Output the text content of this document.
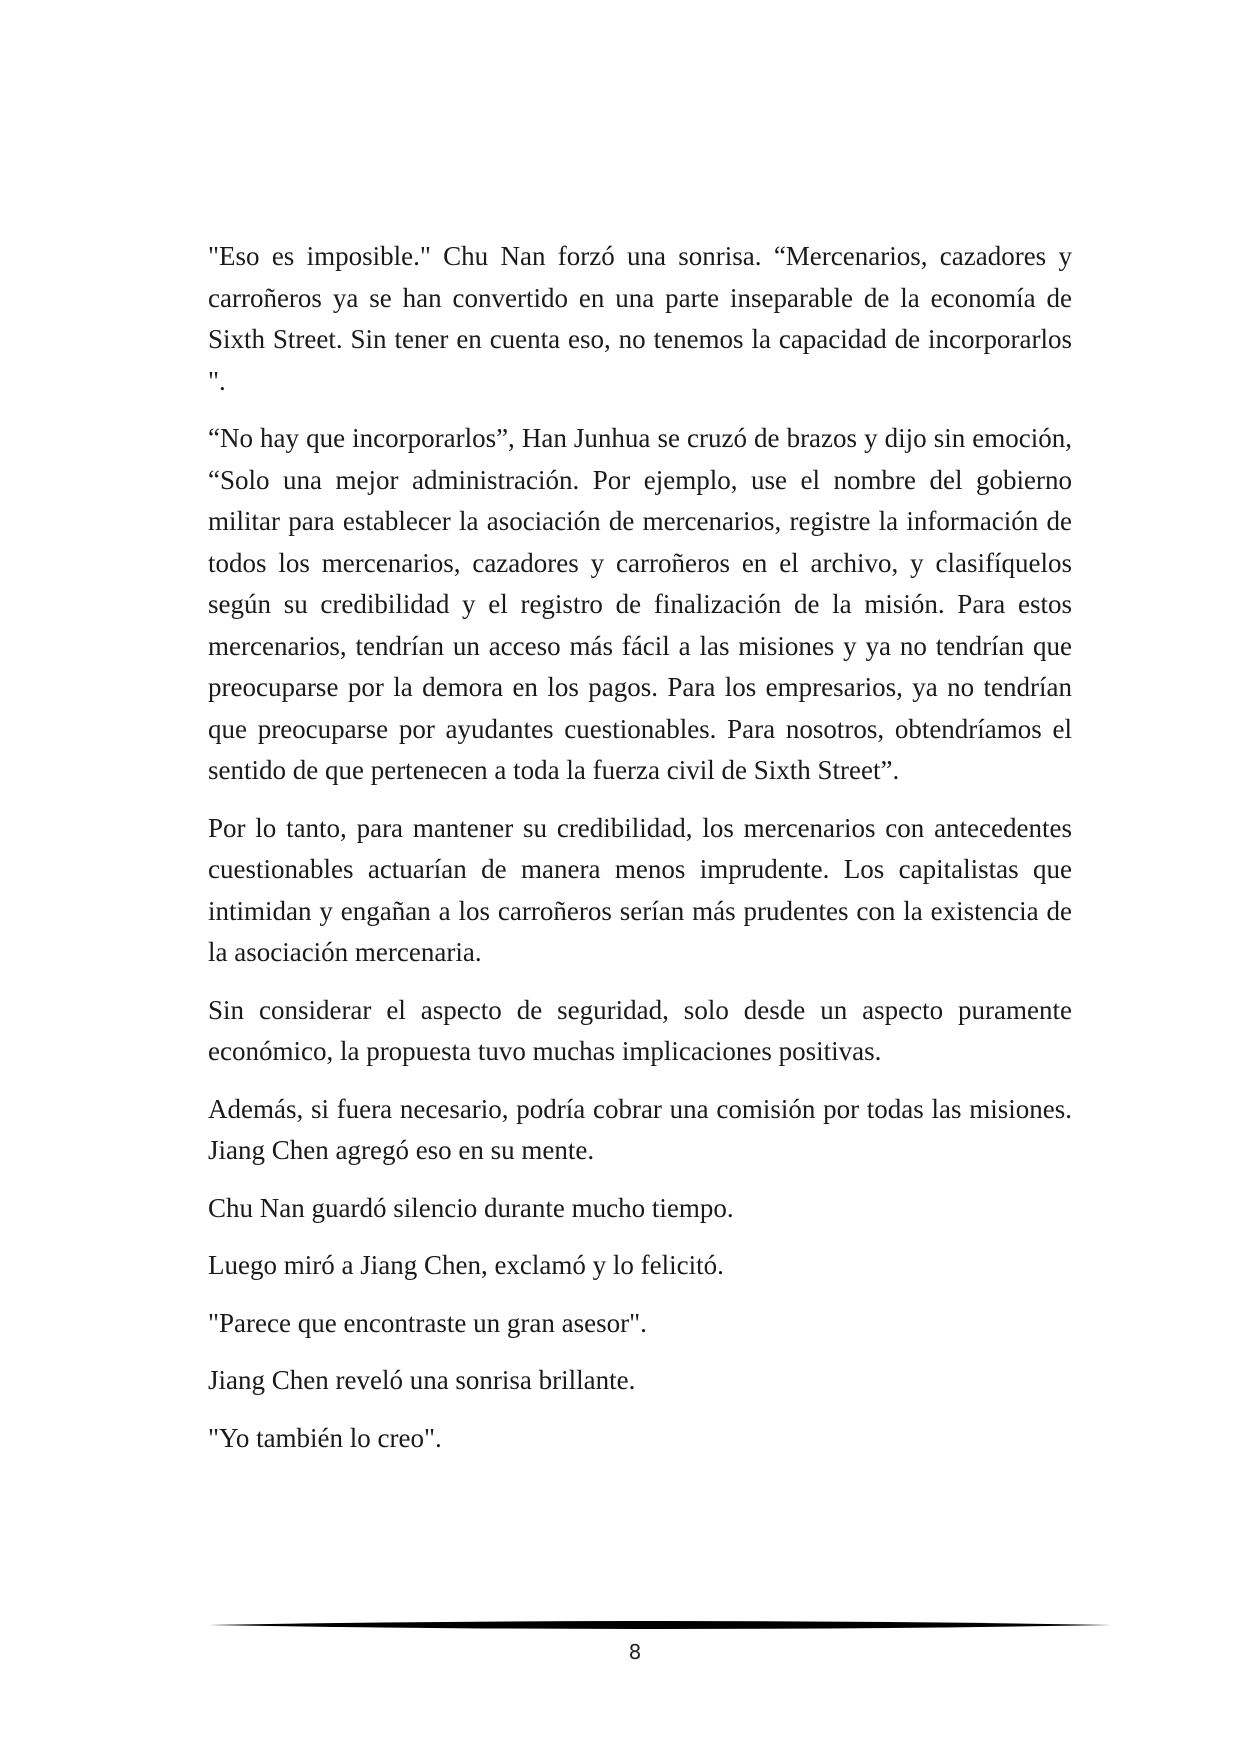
"Eso es imposible." Chu Nan forzó una sonrisa. “Mercenarios, cazadores y carroñeros ya se han convertido en una parte inseparable de la economía de Sixth Street. Sin tener en cuenta eso, no tenemos la capacidad de incorporarlos ".

“No hay que incorporarlos”, Han Junhua se cruzó de brazos y dijo sin emoción, “Solo una mejor administración. Por ejemplo, use el nombre del gobierno militar para establecer la asociación de mercenarios, registre la información de todos los mercenarios, cazadores y carroñeros en el archivo, y clasifíquelos según su credibilidad y el registro de finalización de la misión. Para estos mercenarios, tendrían un acceso más fácil a las misiones y ya no tendrían que preocuparse por la demora en los pagos. Para los empresarios, ya no tendrían que preocuparse por ayudantes cuestionables. Para nosotros, obtendríamos el sentido de que pertenecen a toda la fuerza civil de Sixth Street”.

Por lo tanto, para mantener su credibilidad, los mercenarios con antecedentes cuestionables actuarían de manera menos imprudente. Los capitalistas que intimidan y engañan a los carroñeros serían más prudentes con la existencia de la asociación mercenaria.

Sin considerar el aspecto de seguridad, solo desde un aspecto puramente económico, la propuesta tuvo muchas implicaciones positivas.

Además, si fuera necesario, podría cobrar una comisión por todas las misiones. Jiang Chen agregó eso en su mente.

Chu Nan guardó silencio durante mucho tiempo.

Luego miró a Jiang Chen, exclamó y lo felicitó.

"Parece que encontraste un gran asesor".

Jiang Chen reveló una sonrisa brillante.

"Yo también lo creo".

8
